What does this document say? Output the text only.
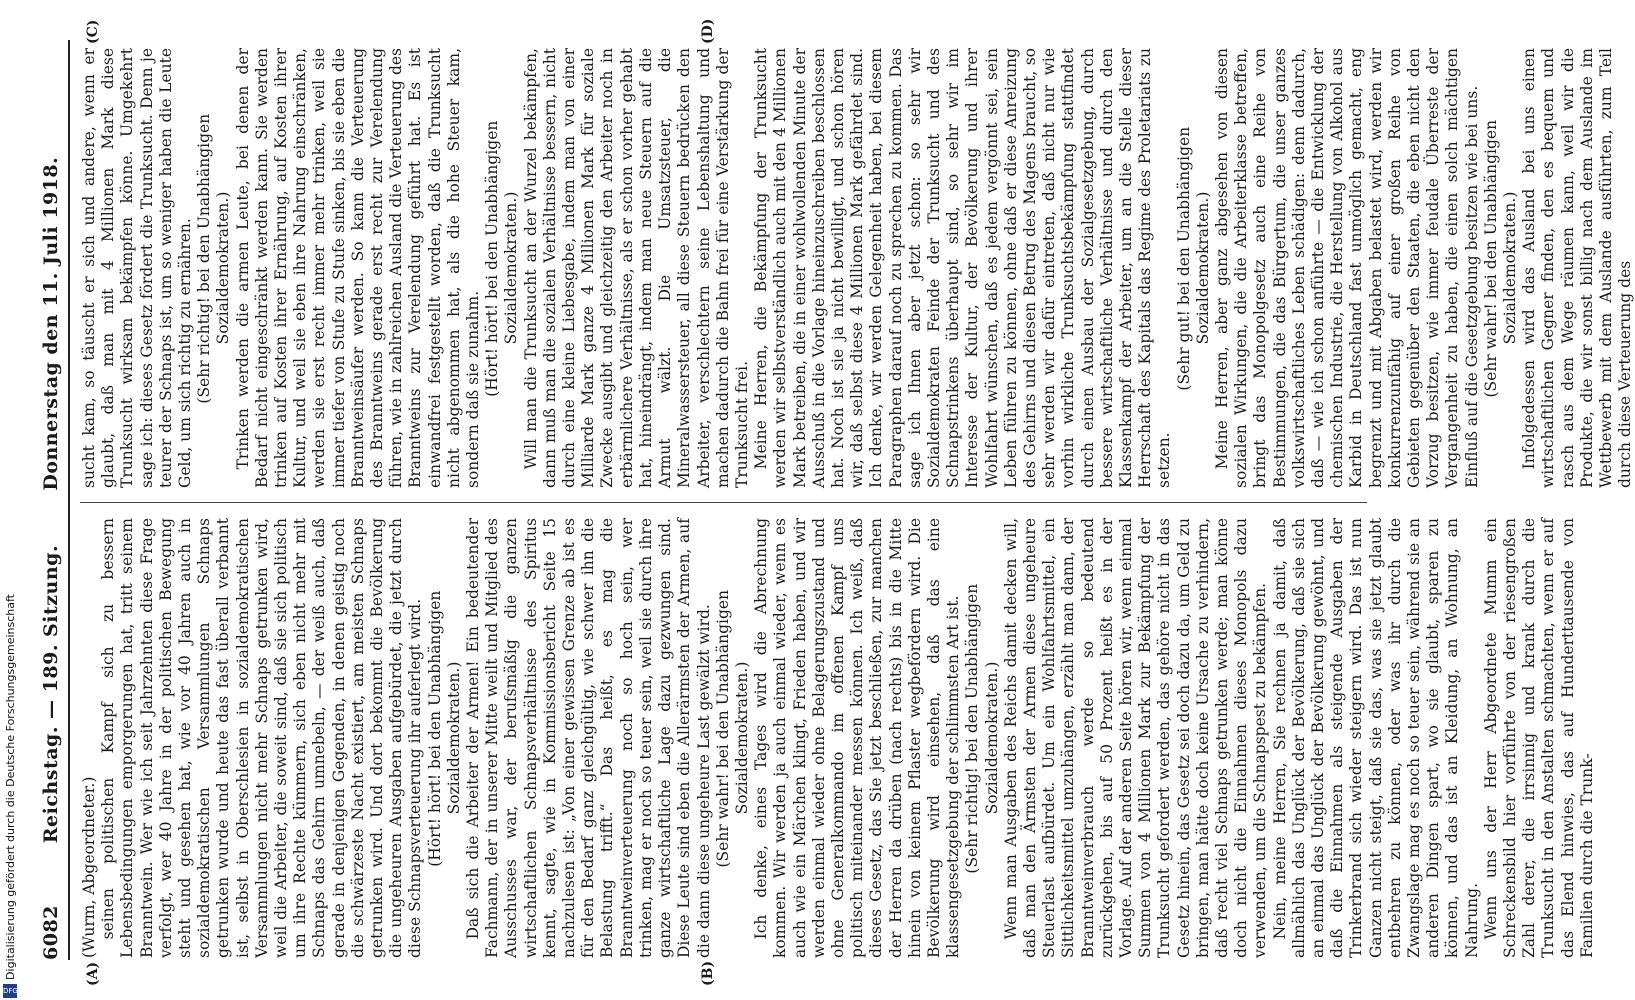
Digitalisierung gefördert durch die Deutsche Forschungsgemeinschaft
DFG
6082
Reichstag. — 189. Sitzung.  Donnerstag den 11. Juli 1918.
(A)	(B)
(C)	(D)

(Wurm, Abgeordneter.) seinen politischen Kampf sich zu bessern Lebensbedingungen emporgerungen hat, tritt seinem Branntwein. Wer wie ich seit Jahrzehnten diese Frage verfolgt, wer 40 Jahre in der politischen Bewegung steht und gesehen hat, wie vor 40 Jahren auch in sozialdemokratischen Versammlungen Schnaps getrunken wurde und heute das fast überall verbannt ist, selbst in Oberschlesien in sozialdemokratischen Versammlungen nicht mehr Schnaps getrunken wird, weil die Arbeiter, die soweit sind, daß sie sich politisch um ihre Rechte kümmern, sich eben nicht mehr mit Schnaps das Gehirn umnebeln, — der weiß auch, daß gerade in denjenigen Gegenden, in denen geistig noch die schwärzeste Nacht existiert, am meisten Schnaps getrunken wird. Und dort bekommt die Bevölkerung die ungeheuren Ausgaben aufgebürdet, die jetzt durch diese Schnapsverteuerung ihr auferlegt wird. (Hört! hört! bei den Unabhängigen Sozialdemokraten.) Daß sich die Arbeiter der Armen! Ein bedeutender Fachmann, der in unserer Mitte weilt und Mitglied des Ausschusses war, der berufsmäßig die ganzen wirtschaftlichen Schnapsverhältnisse des Spiritus kennt, sagte, wie in Kommissionsbericht Seite 15 nachzulesen ist: „Von einer gewissen Grenze ab ist es für den Bedarf ganz gleichgültig, wie schwer ihn die Belastung trifft.“ Das heißt, es mag die Branntweinverteuerung noch so hoch sein, wer trinken, mag er noch so teuer sein, weil sie durch ihre ganze wirtschaftliche Lage dazu gezwungen sind. Diese Leute sind eben die Allerärmsten der Armen, auf die dann diese ungeheure Last gewälzt wird. (Sehr wahr! bei den Unabhängigen Sozialdemokraten.) Ich denke, eines Tages wird die Abrechnung kommen. Wir werden ja auch einmal wieder, wenn es auch wie ein Märchen klingt, Frieden haben, und wir werden einmal wieder ohne Belagerungszustand und ohne Generalkommando im offenen Kampf uns politisch miteinander messen können. Ich weiß, daß dieses Gesetz, das Sie jetzt beschließen, zur manchen der Herren da drüben (nach rechts) bis in die Mitte hinein von keinem Pflaster wegbefördern wird. Die Bevölkerung wird einsehen, daß das eine klassengesetzgebung der schlimmsten Art ist. (Sehr richtig! bei den Unabhängigen Sozialdemokraten.) Wenn man Ausgaben des Reichs damit decken will, daß man den Ärmsten der Armen diese ungeheure Steuerlast aufbürdet. Um ein Wohlfahrtsmittel, ein Sittlichkeitsmittel umzuhängen, erzählt man dann, der Branntweinverbrauch werde so bedeutend zurückgehen, bis auf 50 Prozent heißt es in der Vorlage. Auf der anderen Seite hören wir, wenn einmal Summen von 4 Millionen Mark zur Bekämpfung der Trunksucht gefordert werden, das gehöre nicht in das Gesetz hinein, das Gesetz sei doch dazu da, um Geld zu bringen, man hätte doch keine Ursache zu verhindern, daß recht viel Schnaps getrunken werde; man könne doch nicht die Einnahmen dieses Monopols dazu verwenden, um die Schnapspest zu bekämpfen. Nein, meine Herren, Sie rechnen ja damit, daß allmählich das Unglück der Bevölkerung, daß sie sich an einmal das Unglück der Bevölkerung gewöhnt, und daß die Einnahmen als steigende Ausgaben der Trinkerbrand sich wieder steigern wird. Das ist nun Ganzen nicht steigt, daß sie das, was sie jetzt glaubt entbehren zu können, oder was ihr durch die Zwangslage mag es noch so teuer sein, während sie an anderen Dingen spart, wo sie glaubt, sparen zu können, und das ist an Kleidung, an Wohnung, an Nahrung. Wenn uns der Herr Abgeordnete Mumm ein Schreckensbild hier vorführte von der riesengroßen Zahl derer, die irrsinnig und krank durch die Trunksucht in den Anstalten schmachten, wenn er auf das Elend hinwies, das auf Hunderttausende von Familien durch die Trunk-

sucht kam, so täuscht er sich und andere, wenn er glaubt, daß man mit 4 Millionen Mark diese Trunksucht wirksam bekämpfen könne. Umgekehrt sage ich: dieses Gesetz fördert die Trunksucht. Denn je teurer der Schnaps ist, um so weniger haben die Leute Geld, um sich richtig zu ernähren. (Sehr richtig! bei den Unabhängigen Sozialdemokraten.) Trinken werden die armen Leute, bei denen der Bedarf nicht eingeschränkt werden kann. Sie werden trinken auf Kosten ihrer Ernährung, auf Kosten ihrer Kultur, und weil sie eben ihre Nahrung einschränken, werden sie erst recht immer mehr trinken, weil sie immer tiefer von Stufe zu Stufe sinken, bis sie eben die Branntweinsäufer werden. So kann die Verteuerung des Branntweins gerade erst recht zur Verelendung führen, wie in zahlreichen Ausland die Verteuerung des Branntweins zur Verelendung geführt hat. Es ist einwandfrei festgestellt worden, daß die Trunksucht nicht abgenommen hat, als die hohe Steuer kam, sondern daß sie zunahm. (Hört! hört! bei den Unabhängigen Sozialdemokraten.) Will man die Trunksucht an der Wurzel bekämpfen, dann muß man die sozialen Verhältnisse bessern, nicht durch eine kleine Liebesgabe, indem man von einer Milliarde Mark ganze 4 Millionen Mark für soziale Zwecke ausgibt und gleichzeitig den Arbeiter noch in erbärmlichere Verhältnisse, als er schon vorher gehabt hat, hineindrängt, indem man neue Steuern auf die Armut wälzt. Die Umsatzsteuer, die Mineralwassersteuer, all diese Steuern bedrücken den Arbeiter, verschlechtern seine Lebenshaltung und machen dadurch die Bahn frei für eine Verstärkung der Trunksucht frei. Meine Herren, die Bekämpfung der Trunksucht werden wir selbstverständlich auch mit den 4 Millionen Mark betreiben, die in einer wohlwollenden Minute der Ausschuß in die Vorlage hineinzuschreiben beschlossen hat. Noch ist sie ja nicht bewilligt, und schon hören wir, daß selbst diese 4 Millionen Mark gefährdet sind. Ich denke, wir werden Gelegenheit haben, bei diesem Paragraphen darauf noch zu sprechen zu kommen. Das sage ich Ihnen aber jetzt schon: so sehr wir Sozialdemokraten Feinde der Trunksucht und des Schnapstrinkens überhaupt sind, so sehr wir im Interesse der Kultur, der Bevölkerung und ihrer Wohlfahrt wünschen, daß es jedem vergönnt sei, sein Leben führen zu können, ohne daß er diese Anreizung des Gehirns und diesen Betrug des Magens braucht, so sehr werden wir dafür eintreten, daß nicht nur wie vorhin wirkliche Trunksuchtsbekämpfung stattfindet durch einen Ausbau der Sozialgesetzgebung, durch bessere wirtschaftliche Verhältnisse und durch den Klassenkampf der Arbeiter, um an die Stelle dieser Herrschaft des Kapitals das Regime des Proletariats zu setzen.

(Sehr gut! bei den Unabhängigen Sozialdemokraten.) Meine Herren, aber ganz abgesehen von diesen sozialen Wirkungen, die die Arbeiterklasse betreffen, bringt das Monopolgesetz auch eine Reihe von Bestimmungen, die das Bürgertum, die unser ganzes volkswirtschaftliches Leben schädigen: denn dadurch, daß — wie ich schon anführte — die Entwicklung der chemischen Industrie, die Herstellung von Alkohol aus Karbid in Deutschland fast unmöglich gemacht, eng begrenzt und mit Abgaben belastet wird, werden wir konkurrenzunfähig auf einer großen Reihe von Gebieten gegenüber den Staaten, die eben nicht den Vorzug besitzen, wie immer feudale Überreste der Vergangenheit zu haben, die einen solch mächtigen Einfluß auf die Gesetzgebung besitzen wie bei uns. (Sehr wahr! bei den Unabhängigen Sozialdemokraten.) Infolgedessen wird das Ausland bei uns einen wirtschaftlichen Gegner finden, den es bequem und rasch aus dem Wege räumen kann, weil wir die Produkte, die wir sonst billig nach dem Auslande im Wettbewerb mit dem Auslande ausführten, zum Teil durch diese Verteuerung des
